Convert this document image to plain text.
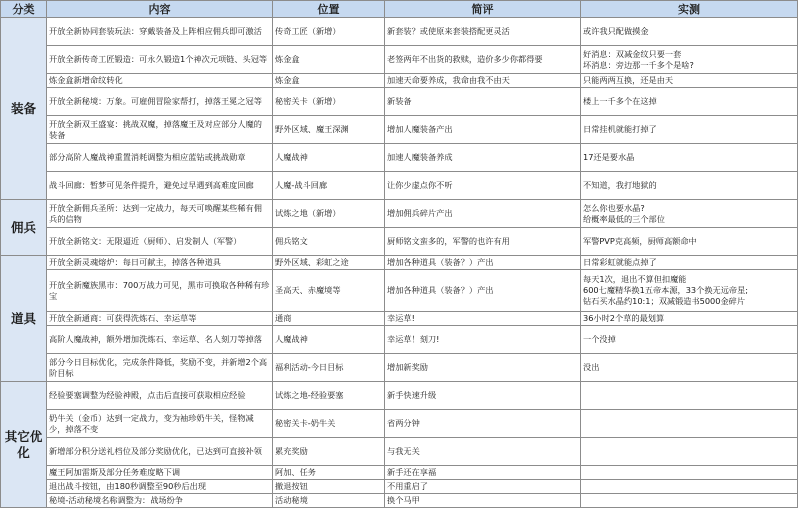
分类	内容	位置	简评	实测
装备	开放全新协同套装玩法：穿戴装备及上阵相应佣兵即可激活	传奇工匠（新增）	新套装？或使原来套装搭配更灵活	或许我只配做摸金
	开放全新传奇工匠锻造：可永久锻造1个神次元项链、头冠等	炼金盒	老签两年不出货的救赎，造价多少你都得要	好消息：双减金纹只要一套
坏消息：旁边那一千多个是啥?

	炼金盒新增命纹转化	炼金盒	加速天命要养成，我命由我不由天	只能两两互换，还是由天
	开放全新秘境：万象。可雇佣冒险家帮打，掉落王冕之冠等	秘密关卡（新增）	新装备	楼上一千多个在这掉
	开放全新双王盛宴：挑战双魔，掉落魔王及对应部分人魔的装备	野外区域、魔王深渊	增加人魔装备产出	日常挂机就能打掉了
	部分高阶人魔战神重置消耗调整为相应蓝钻或挑战勋章	人魔战神	加速人魔装备养成	17还是要水晶
	战斗回廊：暂梦可见条件提升，避免过早遇到高难度回廊	人魔-战斗回廊	让你少虚点你不听	不知道，我打地狱的
佣兵	开放全新佣兵圣所：达到一定战力，每天可唤醒某些稀有佣兵的信物	试炼之地（新增）	增加佣兵碎片产出	怎么你也要水晶?
给概率最低的三个部位

	开放全新铭文：无限逼近（厨师）、启发制人（军警）	佣兵铭文	厨师铭文蛮多的，军警的也许有用	军警PVP克高频，厨师高额命中
道具	开放全新灵魂熔炉：每日可献主，掉落各种道具	野外区域、彩虹之途	增加各种道具（装备？）产出	日常彩虹就能点掉了
	开放全新魔族黑市：700万战力可见，黑市可换取各种稀有珍宝	圣高天、赤魔境等	增加各种道具（装备？）产出	每天1次，退出不算但扣魔能
600七魔精华换1五帝本源，33个换无远帝星;
钻石买水晶约10:1；双减锻造书5000金碎片

	开放全新通商：可获得洗炼石、幸运草等	通商	幸运草!	36小时2个草的最划算
	高阶人魔战神，额外增加洗炼石、幸运草、名人刻刀等掉落	人魔战神	幸运草！刻刀!	一个没掉
	部分今日目标优化，完成条件降低，奖励不变，并新增2个高阶目标	福利活动-今日目标	增加新奖励	没出
其它优化	经验要塞调整为经验神殿，点击后直接可获取相应经验	试炼之地-经验要塞	新手快速升级	
	奶牛关（金币）达到一定战力，变为袖珍奶牛关，怪物减少，掉落不变	秘密关卡-奶牛关	省两分钟	
	新增部分积分送礼档位及部分奖励优化，已达到可直接补领	累充奖励	与我无关	
	魔王阿加雷斯及部分任务难度略下调	阿加、任务	新手还在享福	
	退出战斗按钮，由180秒调整至90秒后出现	撤退按钮	不用重启了	
	秘境-活动秘境名称调整为：战场纷争	活动秘境	换个马甲	
